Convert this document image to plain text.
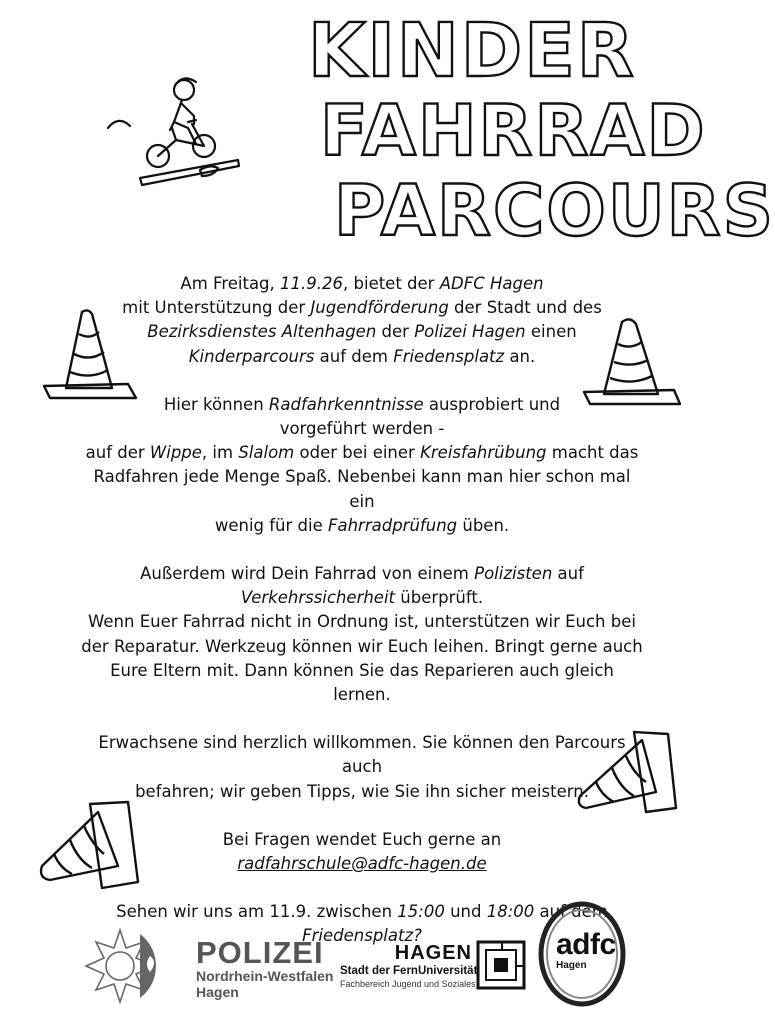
KINDER
FAHRRAD
PARCOURS

Am Freitag, 11.9.26, bietet der ADFC Hagen
mit Unterstützung der Jugendförderung der Stadt und des
Bezirksdienstes Altenhagen der Polizei Hagen einen
Kinderparcours auf dem Friedensplatz an.

Hier können Radfahrkenntnisse ausprobiert und
vorgeführt werden -
auf der Wippe, im Slalom oder bei einer Kreisfahrübung macht das
Radfahren jede Menge Spaß. Nebenbei kann man hier schon mal ein
wenig für die Fahrradprüfung üben.

Außerdem wird Dein Fahrrad von einem Polizisten auf
Verkehrssicherheit überprüft.
Wenn Euer Fahrrad nicht in Ordnung ist, unterstützen wir Euch bei
der Reparatur. Werkzeug können wir Euch leihen. Bringt gerne auch
Eure Eltern mit. Dann können Sie das Reparieren auch gleich lernen.

Erwachsene sind herzlich willkommen. Sie können den Parcours auch
befahren; wir geben Tipps, wie Sie ihn sicher meistern.

Bei Fragen wendet Euch gerne an
radfahrschule@adfc-hagen.de

Sehen wir uns am 11.9. zwischen 15:00 und 18:00 auf dem
Friedensplatz?

POLIZEI
Nordrhein-Westfalen
Hagen
HAGEN
Stadt der FernUniversität
Fachbereich Jugend und Soziales
adfc
Hagen
